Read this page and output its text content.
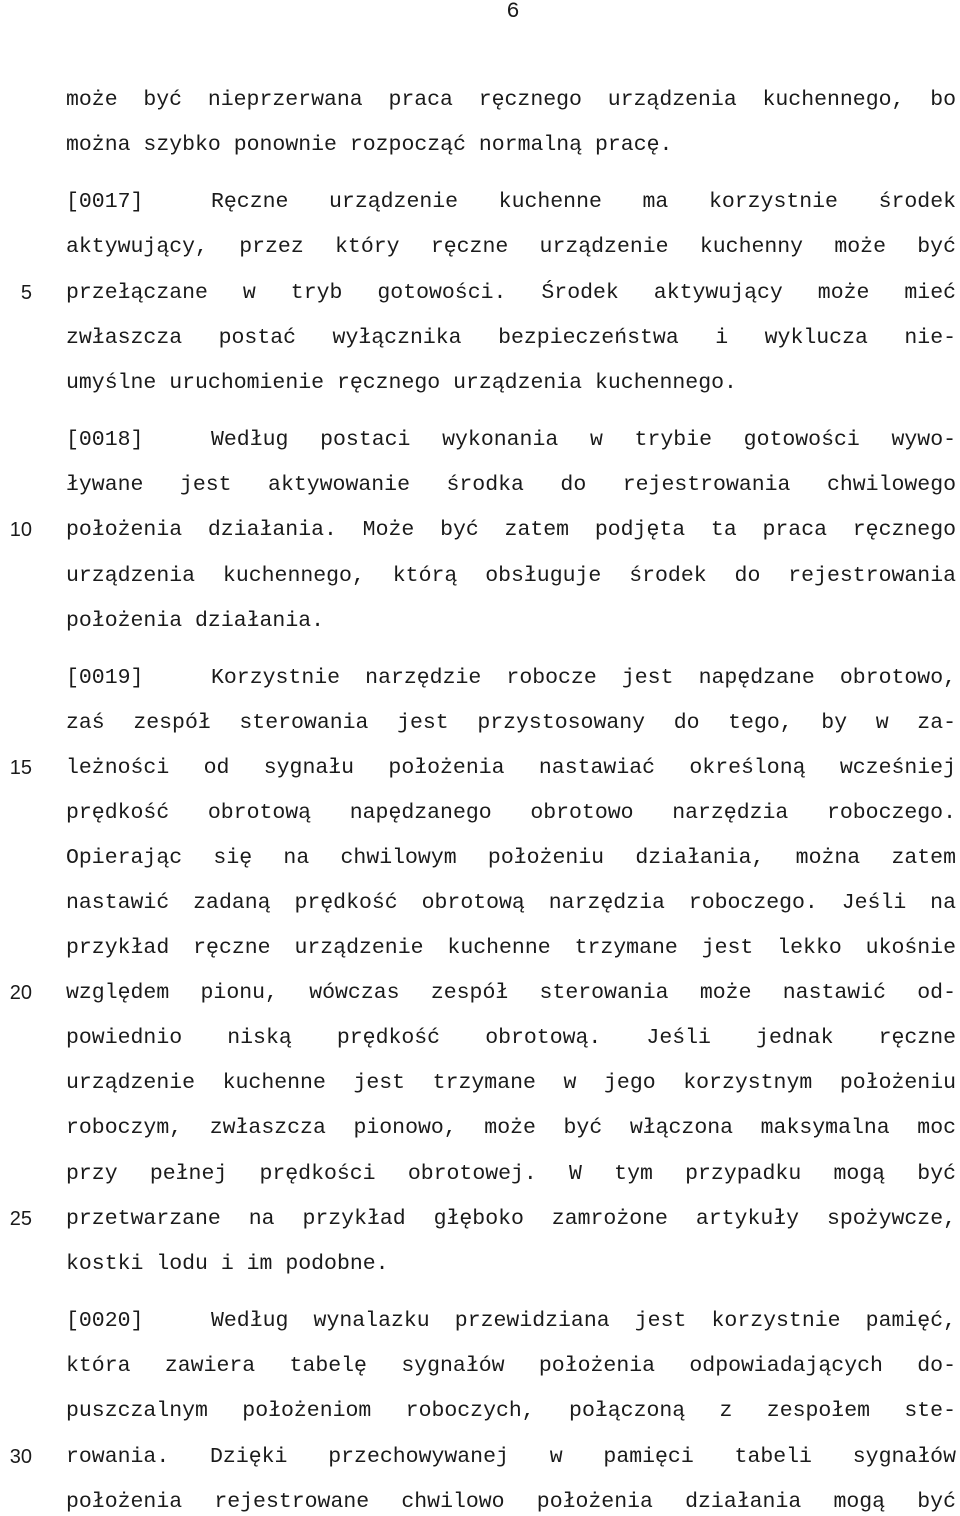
6
5
10
15
20
25
30
może być nieprzerwana praca ręcznego urządzenia kuchennego, bo
można szybko ponownie rozpocząć normalną pracę.
[0017]	Ręczne urządzenie kuchenne ma korzystnie środek
aktywujący, przez który ręczne urządzenie kuchenny może być
przełączane w tryb gotowości. Środek aktywujący może mieć
zwłaszcza postać wyłącznika bezpieczeństwa i wyklucza nie-
umyślne uruchomienie ręcznego urządzenia kuchennego.
[0018]	Według postaci wykonania w trybie gotowości wywo-
ływane jest aktywowanie środka do rejestrowania chwilowego
położenia działania. Może być zatem podjęta ta praca ręcznego
urządzenia kuchennego, którą obsługuje środek do rejestrowania
położenia działania.
[0019]	Korzystnie narzędzie robocze jest napędzane obrotowo,
zaś zespół sterowania jest przystosowany do tego, by w za-
leżności od sygnału położenia nastawiać określoną wcześniej
prędkość obrotową napędzanego obrotowo narzędzia roboczego.
Opierając się na chwilowym położeniu działania, można zatem
nastawić zadaną prędkość obrotową narzędzia roboczego. Jeśli na
przykład ręczne urządzenie kuchenne trzymane jest lekko ukośnie
względem pionu, wówczas zespół sterowania może nastawić od-
powiednio niską prędkość obrotową. Jeśli jednak ręczne
urządzenie kuchenne jest trzymane w jego korzystnym położeniu
roboczym, zwłaszcza pionowo, może być włączona maksymalna moc
przy pełnej prędkości obrotowej. W tym przypadku mogą być
przetwarzane na przykład głęboko zamrożone artykuły spożywcze,
kostki lodu i im podobne.
[0020]	Według wynalazku przewidziana jest korzystnie pamięć,
która zawiera tabelę sygnałów położenia odpowiadających do-
puszczalnym położeniom roboczych, połączoną z zespołem ste-
rowania. Dzięki przechowywanej w pamięci tabeli sygnałów
położenia rejestrowane chwilowo położenia działania mogą być
